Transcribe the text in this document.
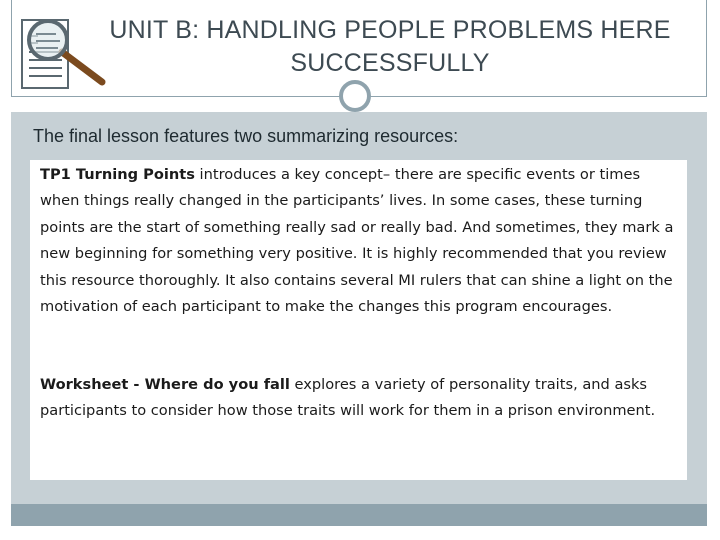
UNIT B: HANDLING PEOPLE PROBLEMS HERE
SUCCESSFULLY
The final lesson features two summarizing resources:
TP1 Turning Points introduces a key concept– there are specific events or times when things really changed in the participants’ lives. In some cases, these turning points are the start of something really sad or really bad. And sometimes, they mark a new beginning for something very positive. It is highly recommended that you review this resource thoroughly. It also contains several MI rulers that can shine a light on the motivation of each participant to make the changes this program encourages.
Worksheet - Where do you fall explores a variety of personality traits, and asks participants to consider how those traits will work for them in a prison environment.
